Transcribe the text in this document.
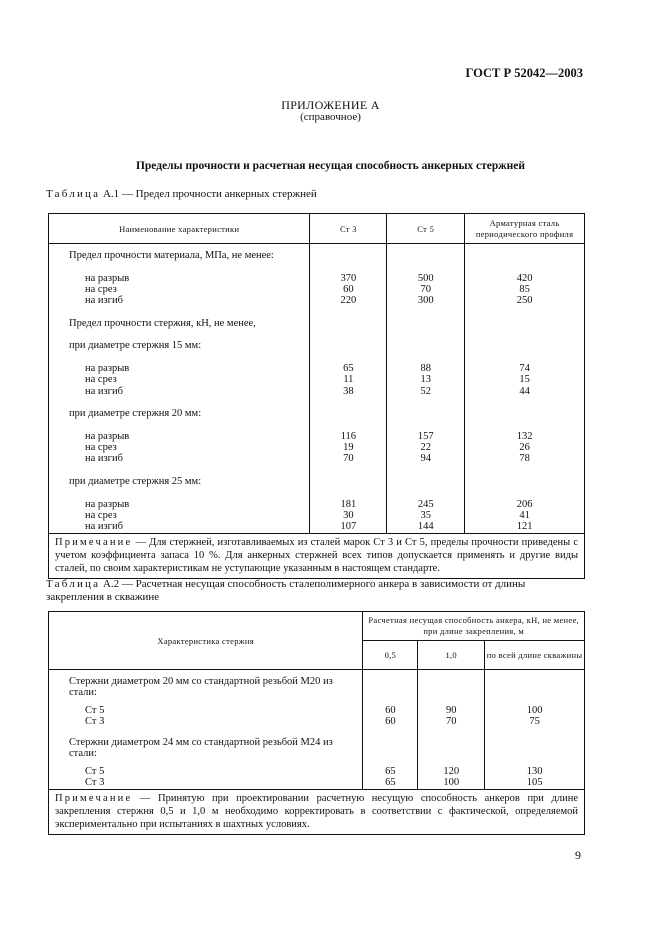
ГОСТ Р 52042—2003
ПРИЛОЖЕНИЕ А
(справочное)
Пределы прочности и расчетная несущая способность анкерных стержней
Таблица А.1 — Предел прочности анкерных стержней
Наименование характеристики	Ст 3	Ст 5	Арматурная сталь периодического профиля
Предел прочности материала, МПа, не менее:			

на разрыв	370	500	420
на срез	60	70	85
на изгиб	220	300	250

Предел прочности стержня, кН, не менее,			

при диаметре стержня 15 мм:			

на разрыв	65	88	74
на срез	11	13	15
на изгиб	38	52	44

при диаметре стержня 20 мм:			

на разрыв	116	157	132
на срез	19	22	26
на изгиб	70	94	78

при диаметре стержня 25 мм:			

на разрыв	181	245	206
на срез	30	35	41
на изгиб	107	144	121
Примечание — Для стержней, изготавливаемых из сталей марок Ст 3 и Ст 5, пределы прочности приведены с учетом коэффициента запаса 10 %. Для анкерных стержней всех типов допускается применять и другие виды сталей, по своим характеристикам не уступающие указанным в настоящем стандарте.			
Таблица А.2 — Расчетная несущая способность сталеполимерного анкера в зависимости от длины закрепления в скважине
Характеристика стержня	Расчетная несущая способность анкера, кН, не менее, при длине закрепления, м		
	0,5	1,0	по всей длине скважины
Стержни диаметром 20 мм со стандартной резьбой М20 из стали:			
Ст 5	60	90	100
Ст 3	60	70	75
Стержни диаметром 24 мм со стандартной резьбой М24 из стали:			
Ст 5	65	120	130
Ст 3	65	100	105
Примечание — Принятую при проектировании расчетную несущую способность анкеров при длине закрепления стержня 0,5 и 1,0 м необходимо корректировать в соответствии с фактической, определяемой экспериментально при испытаниях в шахтных условиях.			
9
